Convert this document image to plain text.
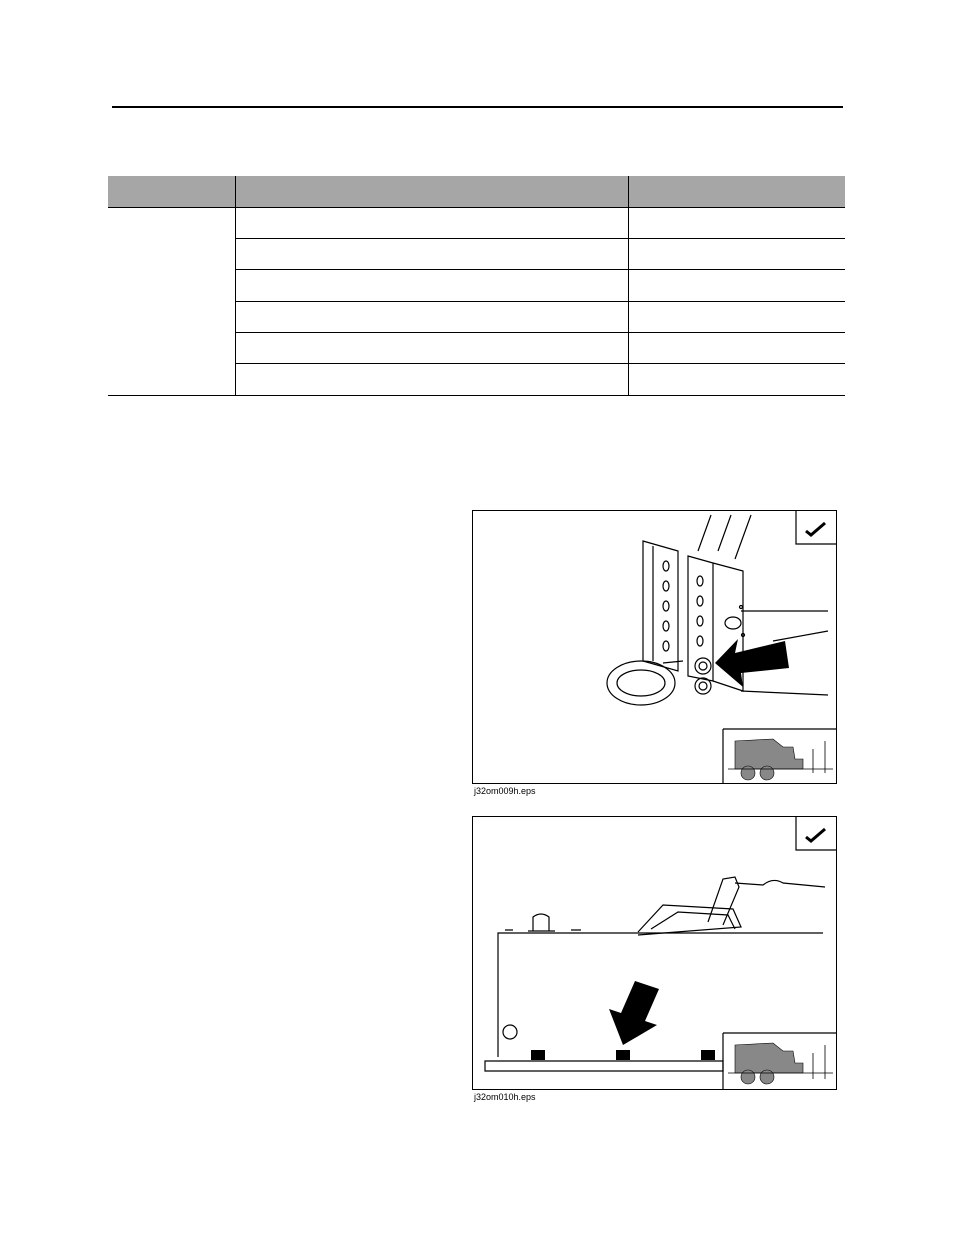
j32om009h.eps
j32om010h.eps
